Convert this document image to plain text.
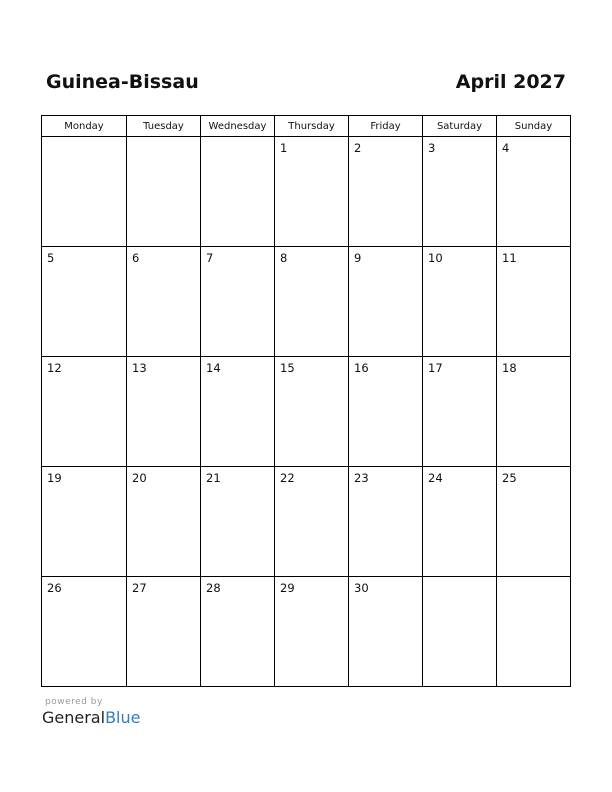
Guinea-Bissau	April 2027
Monday	Tuesday	Wednesday	Thursday	Friday	Saturday	Sunday

			1	2	3	4

5	6	7	8	9	10	11

12	13	14	15	16	17	18

19	20	21	22	23	24	25

26	27	28	29	30		

powered by
GeneralBlue
